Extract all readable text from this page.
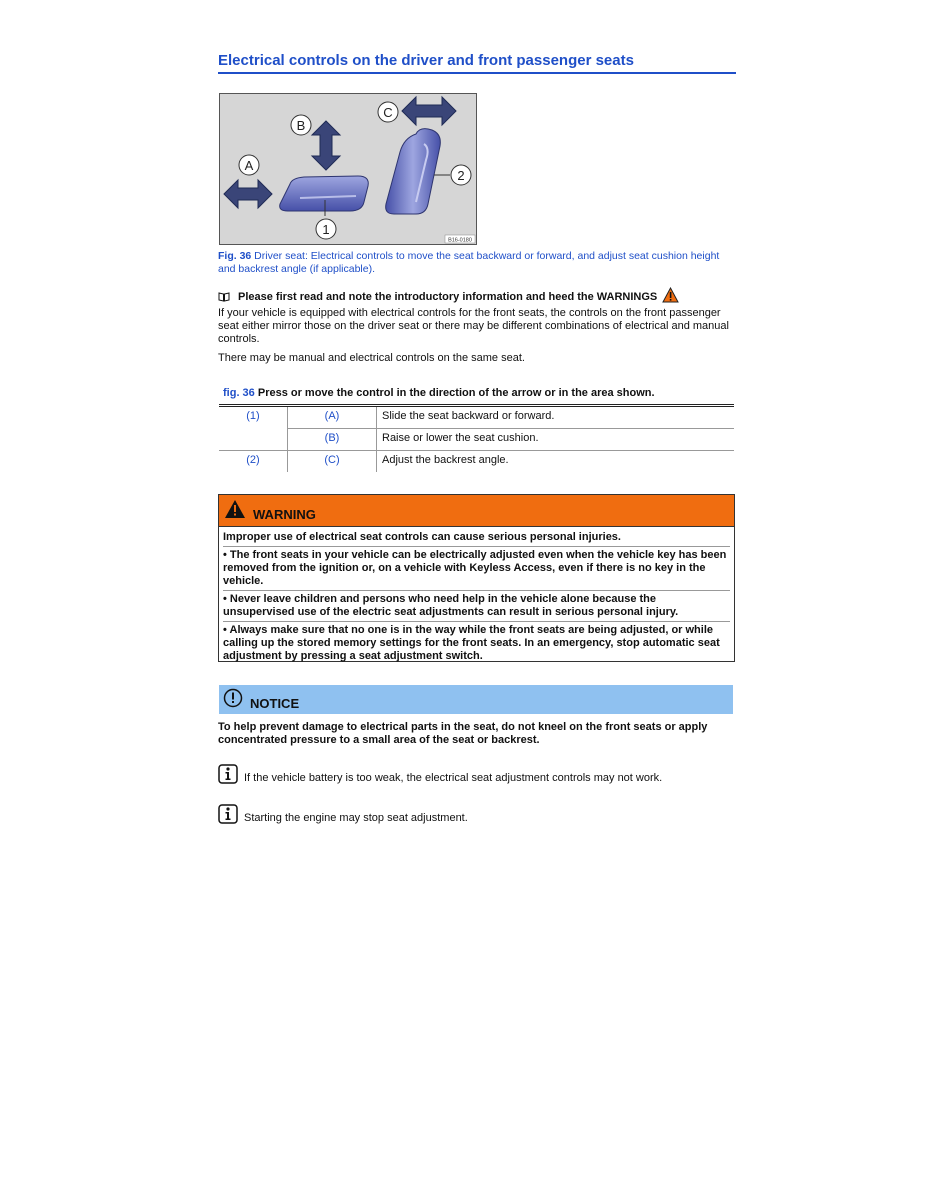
Electrical controls on the driver and front passenger seats
A
B
C
1
2
B16-0180
Fig. 36 Driver seat: Electrical controls to move the seat backward or forward, and adjust seat cushion height and backrest angle (if applicable).
Please first read and note the introductory information and heed the WARNINGS
If your vehicle is equipped with electrical controls for the front seats, the controls on the front passenger seat either mirror those on the driver seat or there may be different combinations of electrical and manual controls.
There may be manual and electrical controls on the same seat.
fig. 36 Press or move the control in the direction of the arrow or in the area shown.
(1)	(A)	Slide the seat backward or forward.
	(B)	Raise or lower the seat cushion.
(2)	(C)	Adjust the backrest angle.
WARNING

Improper use of electrical seat controls can cause serious personal injuries.

• The front seats in your vehicle can be electrically adjusted even when the vehicle key has been removed from the ignition or, on a vehicle with Keyless Access, even if there is no key in the vehicle.

• Never leave children and persons who need help in the vehicle alone because the unsupervised use of the electric seat adjustments can result in serious personal injury.

• Always make sure that no one is in the way while the front seats are being adjusted, or while calling up the stored memory settings for the front seats. In an emergency, stop automatic seat adjustment by pressing a seat adjustment switch.

NOTICE
To help prevent damage to electrical parts in the seat, do not kneel on the front seats or apply concentrated pressure to a small area of the seat or backrest.
If the vehicle battery is too weak, the electrical seat adjustment controls may not work.
Starting the engine may stop seat adjustment.
